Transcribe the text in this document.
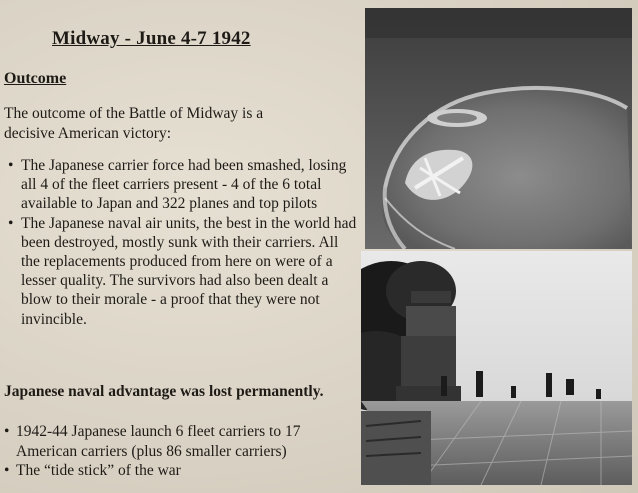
Midway - June 4-7 1942
Outcome
The outcome of the Battle of Midway is a decisive American victory:
• The Japanese carrier force had been smashed, losing all 4 of the fleet carriers present - 4 of the 6 total available to Japan and 322 planes and top pilots
• The Japanese naval air units, the best in the world had been destroyed, mostly sunk with their carriers. All the replacements produced from here on were of a lesser quality. The survivors had also been dealt a blow to their morale - a proof that they were not invincible.
Japanese naval advantage was lost permanently.
• 1942-44 Japanese launch 6 fleet carriers to 17 American carriers (plus 86 smaller carriers)
• The “tide stick” of the war
